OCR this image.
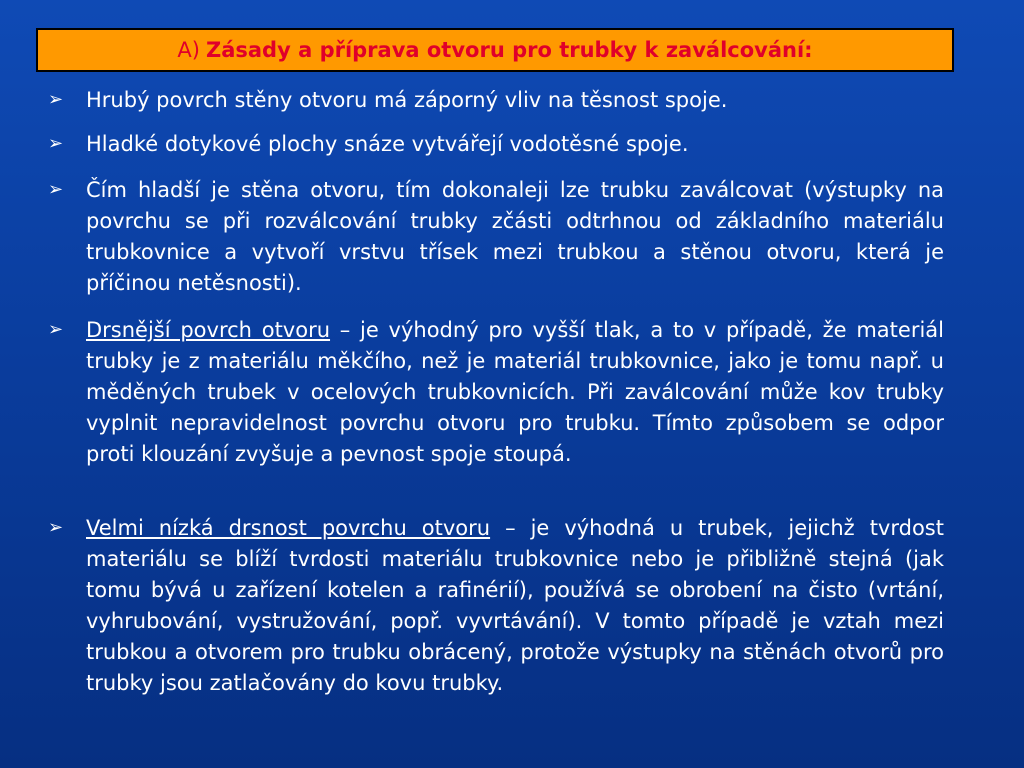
A) Zásady a příprava otvoru pro trubky k zaválcování:
➢ Hrubý povrch stěny otvoru má záporný vliv na těsnost spoje.
➢ Hladké dotykové plochy snáze vytvářejí vodotěsné spoje.
➢ Čím hladší je stěna otvoru, tím dokonaleji lze trubku zaválcovat (výstupky na povrchu se při rozválcování trubky zčásti odtrhnou od základního materiálu trubkovnice a vytvoří vrstvu třísek mezi trubkou a stěnou otvoru, která je příčinou netěsnosti).
➢ Drsnější povrch otvoru – je výhodný pro vyšší tlak, a to v případě, že materiál trubky je z materiálu měkčího, než je materiál trubkovnice, jako je tomu např. u měděných trubek v ocelových trubkovnicích. Při zaválcování může kov trubky vyplnit nepravidelnost povrchu otvoru pro trubku. Tímto způsobem se odpor proti klouzání zvyšuje a pevnost spoje stoupá.
➢ Velmi nízká drsnost povrchu otvoru – je výhodná u trubek, jejichž tvrdost materiálu se blíží tvrdosti materiálu trubkovnice nebo je přibližně stejná (jak tomu bývá u zařízení kotelen a rafinérií), používá se obrobení na čisto (vrtání, vyhrubování, vystružování, popř. vyvrtávání). V tomto případě je vztah mezi trubkou a otvorem pro trubku obrácený, protože výstupky na stěnách otvorů pro trubky jsou zatlačovány do kovu trubky.
